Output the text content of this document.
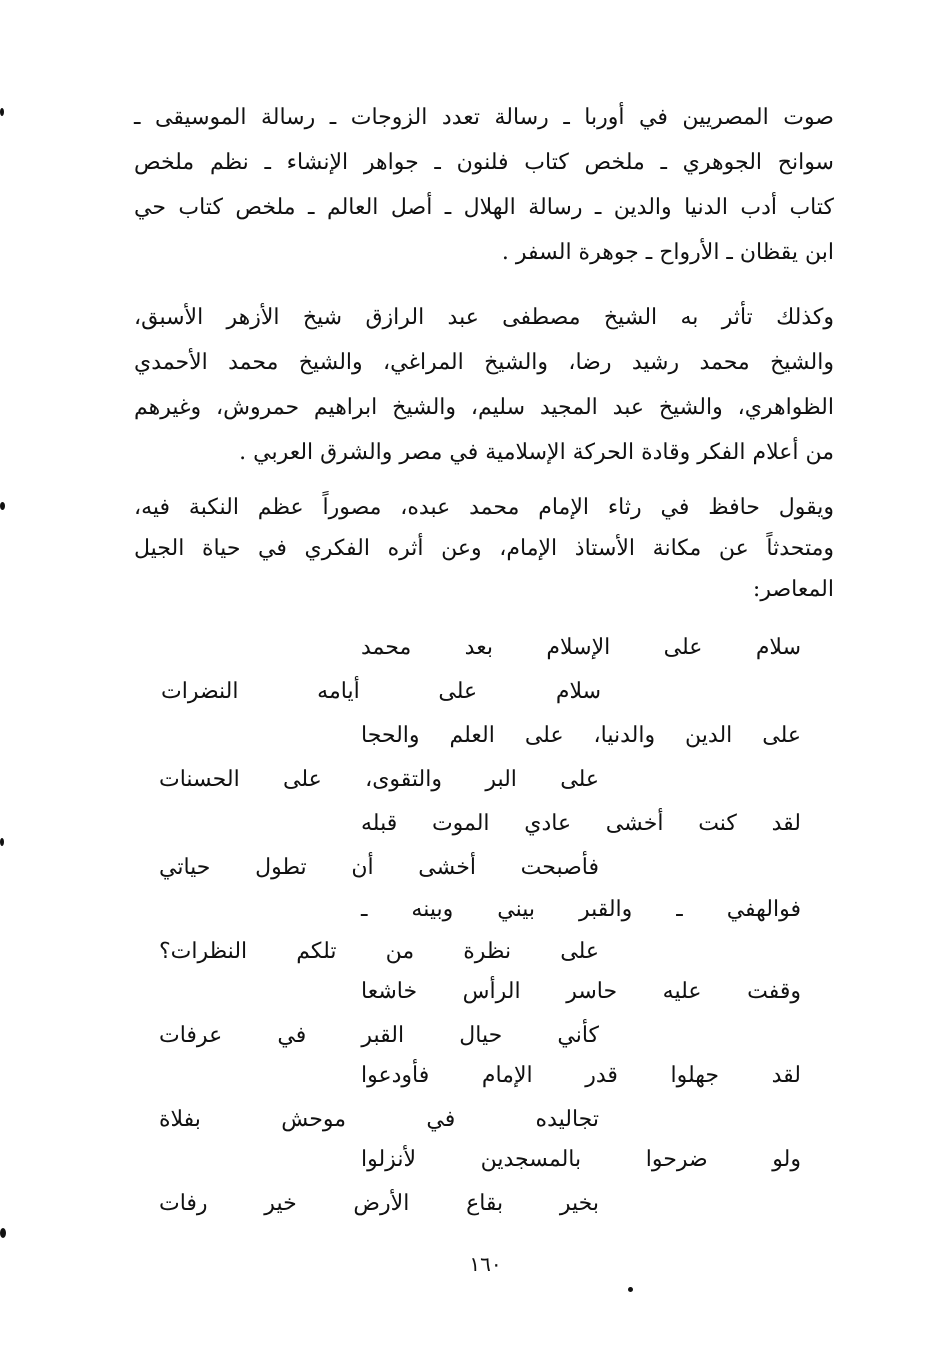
صوت المصريين في أوربا ـ رسالة تعدد الزوجات ـ رسالة الموسيقى ـ
سوانح الجوهري ـ ملخص كتاب فلنون ـ جواهر الإنشاء ـ نظم ملخص
كتاب أدب الدنيا والدين ـ رسالة الهلال ـ أصل العالم ـ ملخص كتاب حي
ابن يقظان ـ الأرواح ـ جوهرة السفر .
وكذلك تأثر به الشيخ مصطفى عبد الرازق شيخ الأزهر الأسبق،
والشيخ محمد رشيد رضا، والشيخ المراغي، والشيخ محمد الأحمدي
الظواهري، والشيخ عبد المجيد سليم، والشيخ ابراهيم حمروش، وغيرهم
من أعلام الفكر وقادة الحركة الإسلامية في مصر والشرق العربي .
ويقول حافظ في رثاء الإمام محمد عبده، مصوراً عظم النكبة فيه،
ومتحدثاً عن مكانة الأستاذ الإمام، وعن أثره الفكري في حياة الجيل
المعاصر:
سلام على الإسلام بعد محمد
سلام على أيامه النضرات
على الدين والدنيا، على العلم والحجا
على البر والتقوى، على الحسنات
لقد كنت أخشى عادي الموت قبله
فأصبحت أخشى أن تطول حياتي
فوالهفي ـ والقبر بيني وبينه ـ
على نظرة من تلكم النظرات؟
وقفت عليه حاسر الرأس خاشعا
كأني حيال القبر في عرفات
لقد جهلوا قدر الإمام فأودعوا
تجاليده في موحش بفلاة
ولو ضرحوا بالمسجدين لأنزلوا
بخير بقاع الأرض خير رفات
١٦٠
